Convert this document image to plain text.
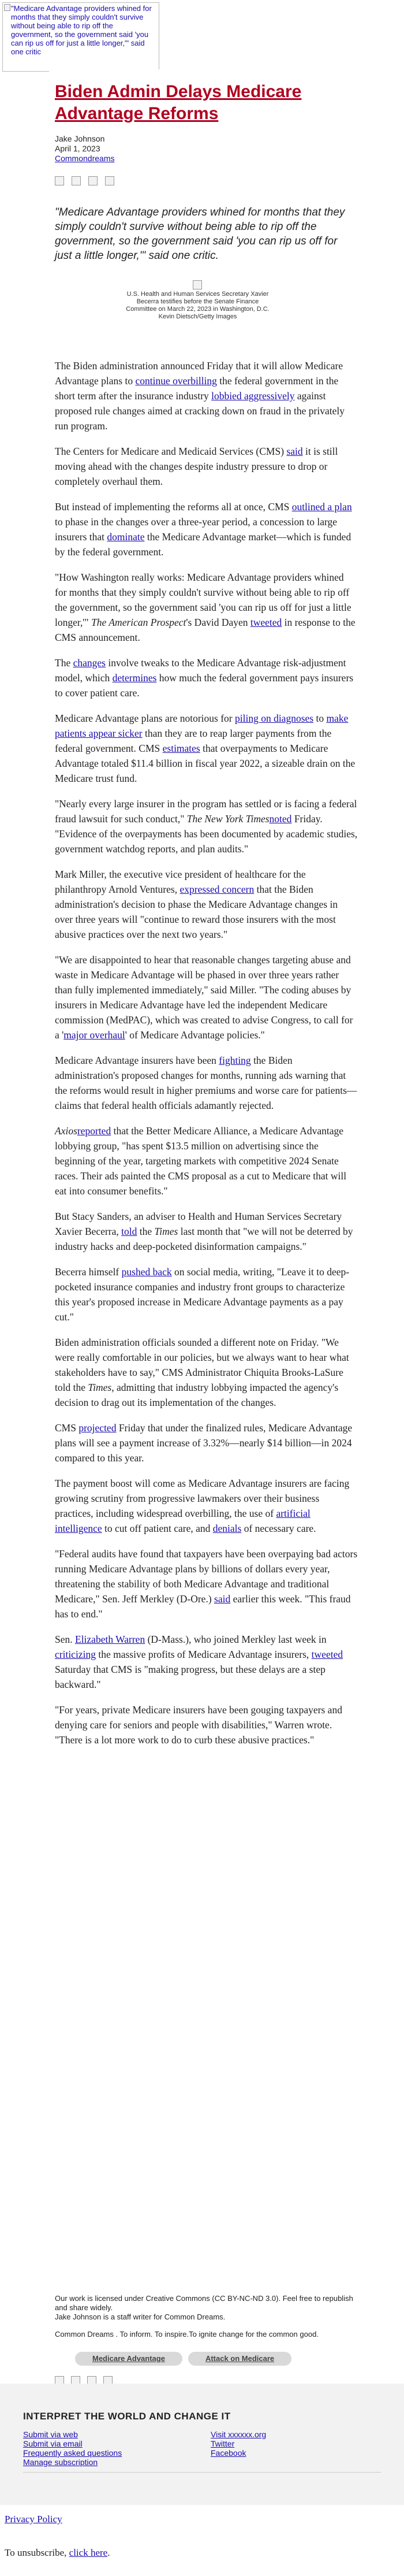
"Medicare Advantage providers whined for months that they simply couldn't survive without being able to rip off the government, so the government said 'you can rip us off for just a little longer,'" said one critic
Biden Admin Delays Medicare Advantage Reforms
Jake Johnson
April 1, 2023
Commondreams

"Medicare Advantage providers whined for months that they simply couldn't survive without being able to rip off the government, so the government said 'you can rip us off for just a little longer,'" said one critic.

U.S. Health and Human Services Secretary Xavier Becerra testifies before the Senate Finance Committee on March 22, 2023 in Washington, D.C. Kevin Dietsch/Getty Images

The Biden administration announced Friday that it will allow Medicare Advantage plans to continue overbilling the federal government in the short term after the insurance industry lobbied aggressively against proposed rule changes aimed at cracking down on fraud in the privately run program.

The Centers for Medicare and Medicaid Services (CMS) said it is still moving ahead with the changes despite industry pressure to drop or completely overhaul them.

But instead of implementing the reforms all at once, CMS outlined a plan to phase in the changes over a three-year period, a concession to large insurers that dominate the Medicare Advantage market—which is funded by the federal government.

"How Washington really works: Medicare Advantage providers whined for months that they simply couldn't survive without being able to rip off the government, so the government said 'you can rip us off for just a little longer,'" The American Prospect's David Dayen tweeted in response to the CMS announcement.

The changes involve tweaks to the Medicare Advantage risk-adjustment model, which determines how much the federal government pays insurers to cover patient care.

Medicare Advantage plans are notorious for piling on diagnoses to make patients appear sicker than they are to reap larger payments from the federal government. CMS estimates that overpayments to Medicare Advantage totaled $11.4 billion in fiscal year 2022, a sizeable drain on the Medicare trust fund.

"Nearly every large insurer in the program has settled or is facing a federal fraud lawsuit for such conduct," The New York Timesnoted Friday. "Evidence of the overpayments has been documented by academic studies, government watchdog reports, and plan audits."

Mark Miller, the executive vice president of healthcare for the philanthropy Arnold Ventures, expressed concern that the Biden administration's decision to phase the Medicare Advantage changes in over three years will "continue to reward those insurers with the most abusive practices over the next two years."

"We are disappointed to hear that reasonable changes targeting abuse and waste in Medicare Advantage will be phased in over three years rather than fully implemented immediately," said Miller. "The coding abuses by insurers in Medicare Advantage have led the independent Medicare commission (MedPAC), which was created to advise Congress, to call for a 'major overhaul' of Medicare Advantage policies."

Medicare Advantage insurers have been fighting the Biden administration's proposed changes for months, running ads warning that the reforms would result in higher premiums and worse care for patients—claims that federal health officials adamantly rejected.

Axiosreported that the Better Medicare Alliance, a Medicare Advantage lobbying group, "has spent $13.5 million on advertising since the beginning of the year, targeting markets with competitive 2024 Senate races. Their ads painted the CMS proposal as a cut to Medicare that will eat into consumer benefits."

But Stacy Sanders, an adviser to Health and Human Services Secretary Xavier Becerra, told the Times last month that "we will not be deterred by industry hacks and deep-pocketed disinformation campaigns."

Becerra himself pushed back on social media, writing, "Leave it to deep-pocketed insurance companies and industry front groups to characterize this year's proposed increase in Medicare Advantage payments as a pay cut."

Biden administration officials sounded a different note on Friday. "We were really comfortable in our policies, but we always want to hear what stakeholders have to say," CMS Administrator Chiquita Brooks-LaSure told the Times, admitting that industry lobbying impacted the agency's decision to drag out its implementation of the changes.

CMS projected Friday that under the finalized rules, Medicare Advantage plans will see a payment increase of 3.32%—nearly $14 billion—in 2024 compared to this year.

The payment boost will come as Medicare Advantage insurers are facing growing scrutiny from progressive lawmakers over their business practices, including widespread overbilling, the use of artificial intelligence to cut off patient care, and denials of necessary care.

"Federal audits have found that taxpayers have been overpaying bad actors running Medicare Advantage plans by billions of dollars every year, threatening the stability of both Medicare Advantage and traditional Medicare," Sen. Jeff Merkley (D-Ore.) said earlier this week. "This fraud has to end."

Sen. Elizabeth Warren (D-Mass.), who joined Merkley last week in criticizing the massive profits of Medicare Advantage insurers, tweeted Saturday that CMS is "making progress, but these delays are a step backward."

"For years, private Medicare insurers have been gouging taxpayers and denying care for seniors and people with disabilities," Warren wrote. "There is a lot more work to do to curb these abusive practices."

Our work is licensed under Creative Commons (CC BY-NC-ND 3.0). Feel free to republish and share widely.
Jake Johnson is a staff writer for Common Dreams.
Common Dreams . To inform. To inspire.To ignite change for the common good.
Medicare Advantage	Attack on Medicare
INTERPRET THE WORLD AND CHANGE IT
Submit via web
Submit via email
Frequently asked questions
Manage subscription
Visit xxxxxx.org
Twitter
Facebook
Privacy Policy
To unsubscribe, click here.
